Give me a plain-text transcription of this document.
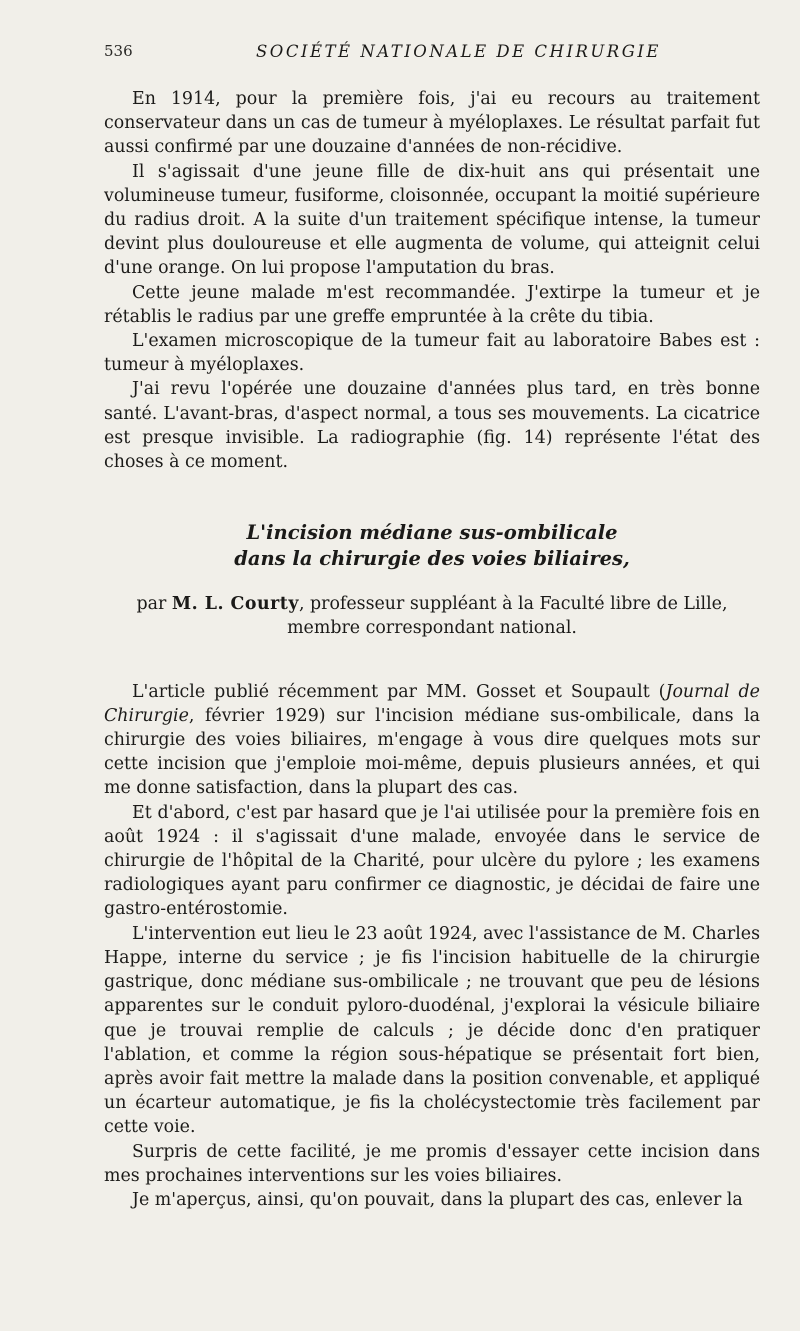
536	SOCIÉTÉ NATIONALE DE CHIRURGIE

En 1914, pour la première fois, j'ai eu recours au traitement conservateur dans un cas de tumeur à myéloplaxes. Le résultat parfait fut aussi confirmé par une douzaine d'années de non-récidive.

Il s'agissait d'une jeune fille de dix-huit ans qui présentait une volumineuse tumeur, fusiforme, cloisonnée, occupant la moitié supérieure du radius droit. A la suite d'un traitement spécifique intense, la tumeur devint plus douloureuse et elle augmenta de volume, qui atteignit celui d'une orange. On lui propose l'amputation du bras.

Cette jeune malade m'est recommandée. J'extirpe la tumeur et je rétablis le radius par une greffe empruntée à la crête du tibia.

L'examen microscopique de la tumeur fait au laboratoire Babes est : tumeur à myéloplaxes.

J'ai revu l'opérée une douzaine d'années plus tard, en très bonne santé. L'avant-bras, d'aspect normal, a tous ses mouvements. La cicatrice est presque invisible. La radiographie (fig. 14) représente l'état des choses à ce moment.

L'incision médiane sus-ombilicale
dans la chirurgie des voies biliaires,
par M. L. Courty, professeur suppléant à la Faculté libre de Lille,
membre correspondant national.

L'article publié récemment par MM. Gosset et Soupault (Journal de Chirurgie, février 1929) sur l'incision médiane sus-ombilicale, dans la chirurgie des voies biliaires, m'engage à vous dire quelques mots sur cette incision que j'emploie moi-même, depuis plusieurs années, et qui me donne satisfaction, dans la plupart des cas.

Et d'abord, c'est par hasard que je l'ai utilisée pour la première fois en août 1924 : il s'agissait d'une malade, envoyée dans le service de chirurgie de l'hôpital de la Charité, pour ulcère du pylore ; les examens radiologiques ayant paru confirmer ce diagnostic, je décidai de faire une gastro-entérostomie.

L'intervention eut lieu le 23 août 1924, avec l'assistance de M. Charles Happe, interne du service ; je fis l'incision habituelle de la chirurgie gastrique, donc médiane sus-ombilicale ; ne trouvant que peu de lésions apparentes sur le conduit pyloro-duodénal, j'explorai la vésicule biliaire que je trouvai remplie de calculs ; je décide donc d'en pratiquer l'ablation, et comme la région sous-hépatique se présentait fort bien, après avoir fait mettre la malade dans la position convenable, et appliqué un écarteur automatique, je fis la cholécystectomie très facilement par cette voie.

Surpris de cette facilité, je me promis d'essayer cette incision dans mes prochaines interventions sur les voies biliaires.

Je m'aperçus, ainsi, qu'on pouvait, dans la plupart des cas, enlever la
